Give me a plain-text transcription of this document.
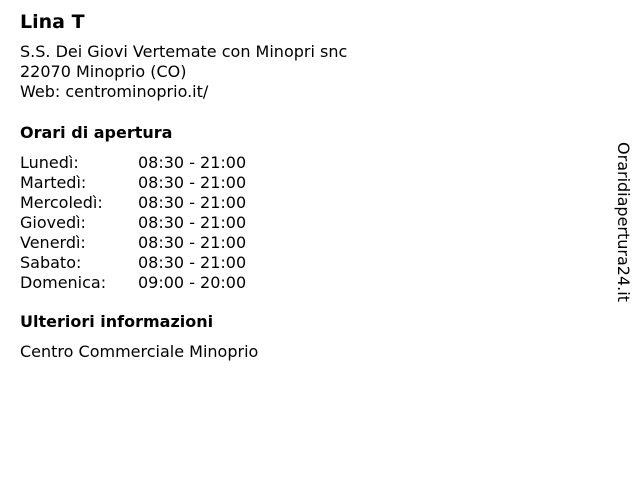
Lina T
S.S. Dei Giovi Vertemate con Minopri snc
22070 Minoprio (CO)
Web: centrominoprio.it/
Orari di apertura
Lunedì:	08:30 - 21:00
Martedì:	08:30 - 21:00
Mercoledì:	08:30 - 21:00
Giovedì:	08:30 - 21:00
Venerdì:	08:30 - 21:00
Sabato:	08:30 - 21:00
Domenica:	09:00 - 20:00
Ulteriori informazioni
Centro Commerciale Minoprio
Oraridiapertura24.it
